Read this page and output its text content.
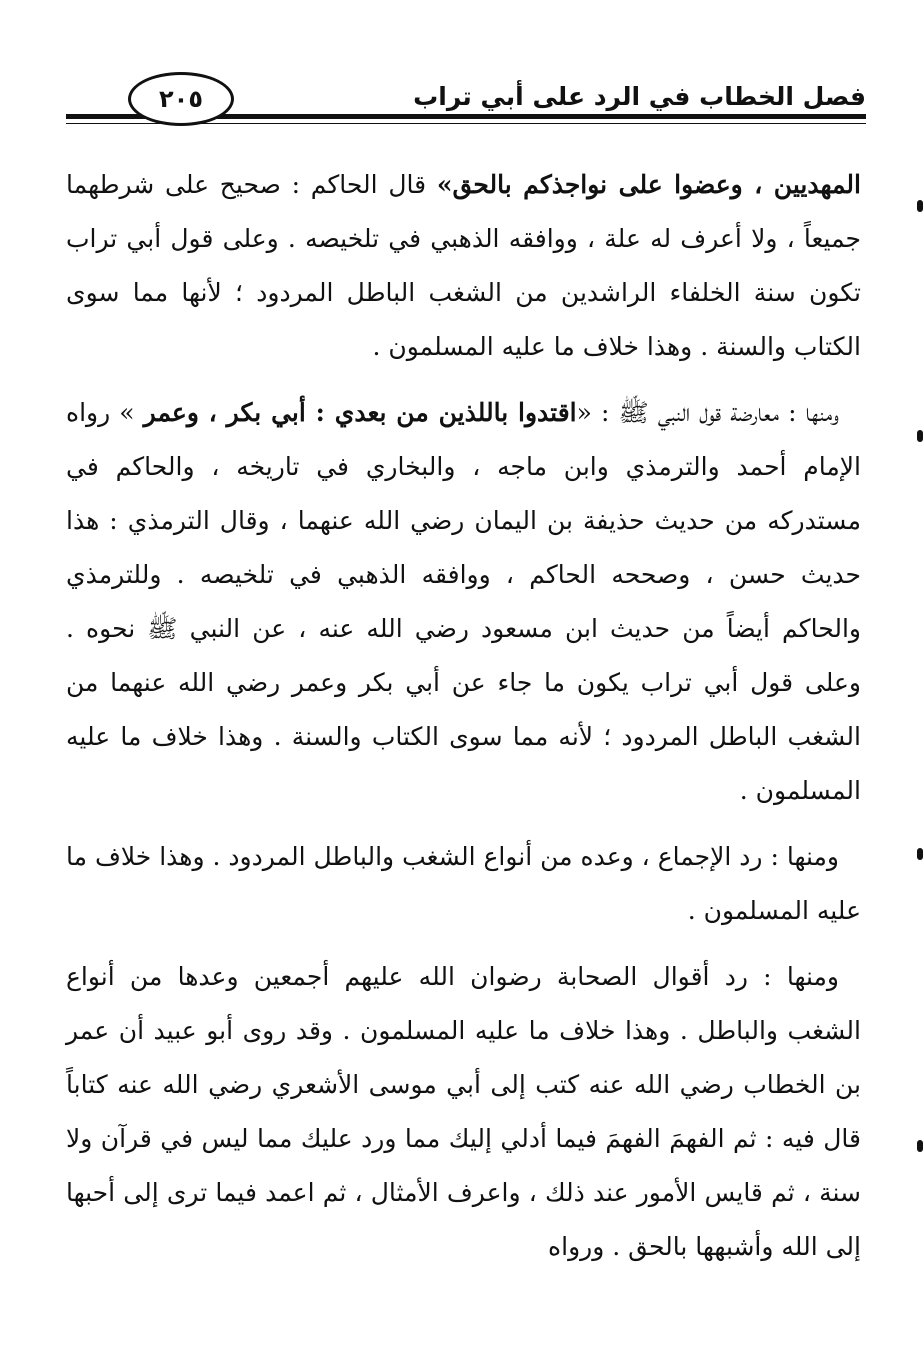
فصل الخطاب في الرد على أبي تراب
٢٠٥

المهديين ، وعضوا على نواجذكم بالحق» قال الحاكم : صحيح على شرطهما جميعاً ، ولا أعرف له علة ، ووافقه الذهبي في تلخيصه . وعلى قول أبي تراب تكون سنة الخلفاء الراشدين من الشغب الباطل المردود ؛ لأنها مما سوى الكتاب والسنة . وهذا خلاف ما عليه المسلمون .

ومنها : معارضة قول النبي ﷺ : «اقتدوا باللذين من بعدي : أبي بكر ، وعمر » رواه الإمام أحمد والترمذي وابن ماجه ، والبخاري في تاريخه ، والحاكم في مستدركه من حديث حذيفة بن اليمان رضي الله عنهما ، وقال الترمذي : هذا حديث حسن ، وصححه الحاكم ، ووافقه الذهبي في تلخيصه . وللترمذي والحاكم أيضاً من حديث ابن مسعود رضي الله عنه ، عن النبي ﷺ نحوه . وعلى قول أبي تراب يكون ما جاء عن أبي بكر وعمر رضي الله عنهما من الشغب الباطل المردود ؛ لأنه مما سوى الكتاب والسنة . وهذا خلاف ما عليه المسلمون .

ومنها : رد الإجماع ، وعده من أنواع الشغب والباطل المردود . وهذا خلاف ما عليه المسلمون .

ومنها : رد أقوال الصحابة رضوان الله عليهم أجمعين وعدها من أنواع الشغب والباطل . وهذا خلاف ما عليه المسلمون . وقد روى أبو عبيد أن عمر بن الخطاب رضي الله عنه كتب إلى أبي موسى الأشعري رضي الله عنه كتاباً قال فيه : ثم الفهمَ الفهمَ فيما أدلي إليك مما ورد عليك مما ليس في قرآن ولا سنة ، ثم قايس الأمور عند ذلك ، واعرف الأمثال ، ثم اعمد فيما ترى إلى أحبها إلى الله وأشبهها بالحق . ورواه
